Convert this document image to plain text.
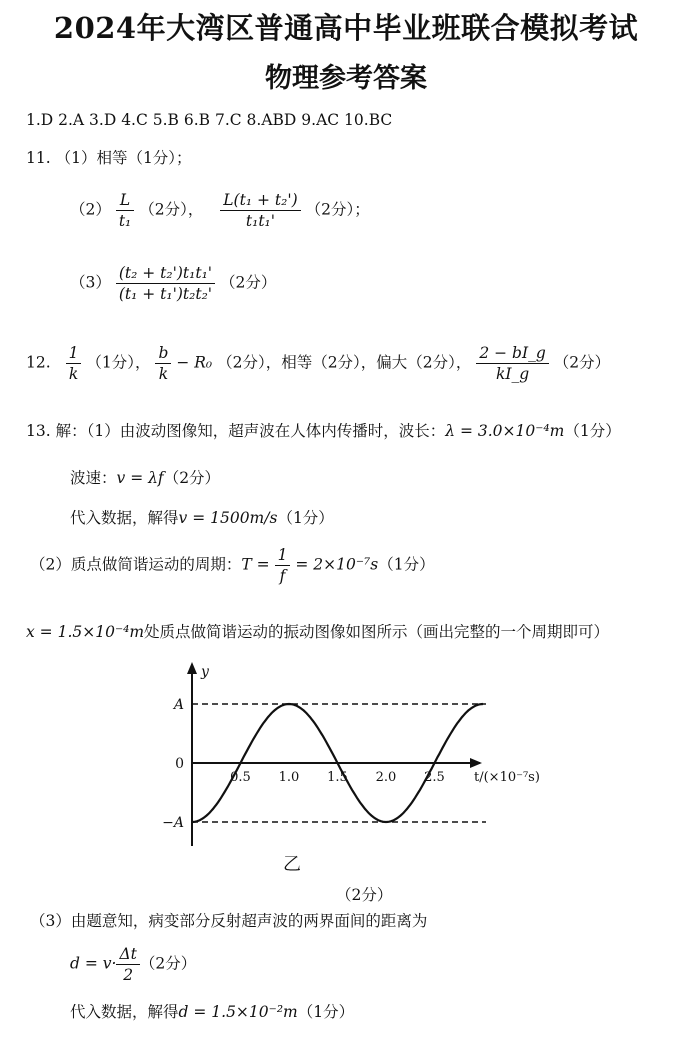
2024年大湾区普通高中毕业班联合模拟考试
物理参考答案
1.D 2.A 3.D 4.C 5.B 6.B 7.C 8.ABD 9.AC 10.BC
11. （1）相等（1分）；
$(2) \frac{L}{\text{t₁}} (2$分）， $\frac{\text{L(t₁ + t₂')}}{\text{t₁t₁'}} (2$分）；
$(3) \frac{\text{(t₂ + t₂')t₁t₁'}}{\text{(t₁ + t₁')t₂t₂'}} (2$分）
12. $\frac{1}{k} (1$分）， $\frac{b}{k} - R_0$ （2分），相等（2分），偏大（2分）， $\frac{2 - bI\_g}{kI\_g} (2$分）
13. 解：（1）由波动图像知，超声波在人体内传播时，波长：λ = 3.0×10⁻⁴m（1分）
波速：v = λf（2分）
代入数据，解得v = 1500m/s（1分）
（2）质点做简谐运动的周期：$T = \frac{1}{f} = 2\times 10^{-7}s(1$分）
x = 1.5×10⁻⁴m处质点做简谐运动的振动图像如图所示（画出完整的一个周期即可）
0.5 1.0 1.5 2.0 2.5
A
0
−A
y
t/(×10⁻⁷s)
乙
（2分）
（3）由题意知，病变部分反射超声波的两界面间的距离为
$d = v\cdot \frac{\Delta t}{2} (2$分）
代入数据，解得d = 1.5×10⁻²m（1分）
